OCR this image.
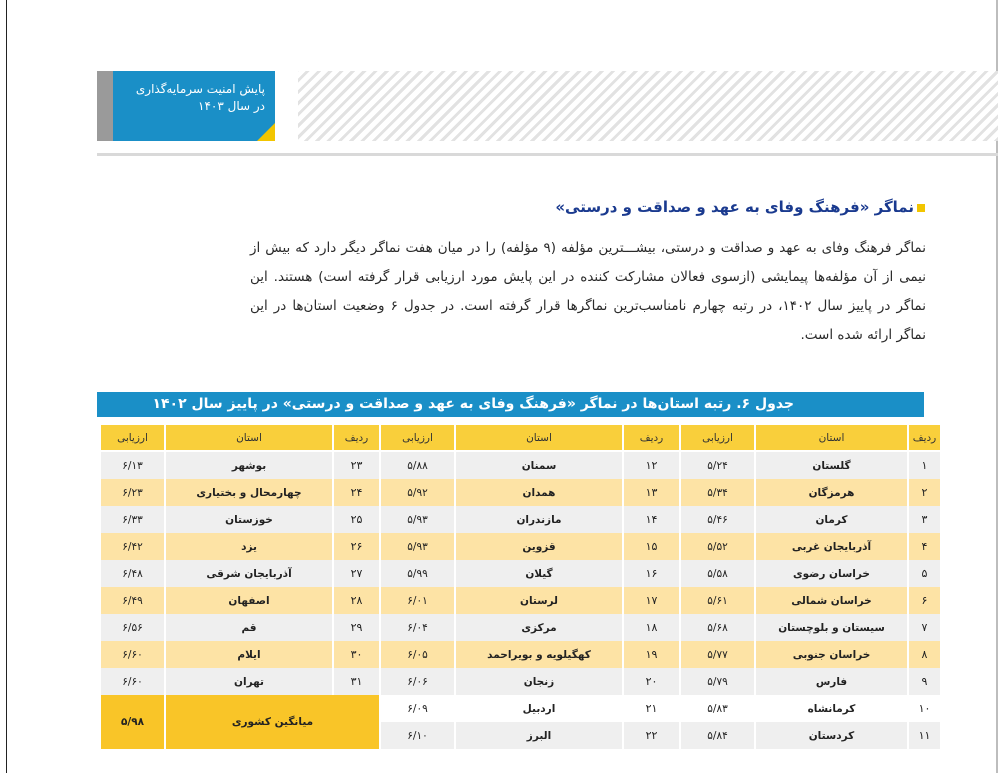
پایش امنیت سرمایه‌گذاری
در سال ۱۴۰۳
نماگر «فرهنگ وفای به عهد و صداقت و درستی»
نماگر فرهنگ وفای به عهد و صداقت و درستی، بیشـــترین مؤلفه (۹ مؤلفه) را در میان هفت نماگر دیگر دارد که بیش از نیمی از آن مؤلفه‌ها پیمایشی (ازسوی فعالان مشارکت کننده در این پایش مورد ارزیابی قرار گرفته است) هستند. این نماگر در پاییز سال ۱۴۰۲، در رتبه چهارم نامناسب‌ترین نماگرها قرار گرفته است. در جدول ۶ وضعیت استان‌ها در این نماگر ارائه شده است.
جدول ۶. رتبه استان‌ها در نماگر «فرهنگ وفای به عهد و صداقت و درستی» در پاییز سال ۱۴۰۲
ردیف	استان	ارزیابی	ردیف	استان	ارزیابی	ردیف	استان	ارزیابی
۱	گلستان	۵/۲۴	۱۲	سمنان	۵/۸۸	۲۳	بوشهر	۶/۱۳
۲	هرمزگان	۵/۳۴	۱۳	همدان	۵/۹۲	۲۴	چهارمحال و بختیاری	۶/۲۳
۳	کرمان	۵/۴۶	۱۴	مازندران	۵/۹۳	۲۵	خوزستان	۶/۳۳
۴	آذربایجان غربی	۵/۵۲	۱۵	قزوین	۵/۹۳	۲۶	یزد	۶/۴۲
۵	خراسان رضوی	۵/۵۸	۱۶	گیلان	۵/۹۹	۲۷	آذربایجان شرقی	۶/۴۸
۶	خراسان شمالی	۵/۶۱	۱۷	لرستان	۶/۰۱	۲۸	اصفهان	۶/۴۹
۷	سیستان و بلوچستان	۵/۶۸	۱۸	مرکزی	۶/۰۴	۲۹	قم	۶/۵۶
۸	خراسان جنوبی	۵/۷۷	۱۹	کهگیلویه و بویراحمد	۶/۰۵	۳۰	ایلام	۶/۶۰
۹	فارس	۵/۷۹	۲۰	زنجان	۶/۰۶	۳۱	تهران	۶/۶۰
۱۰	کرمانشاه	۵/۸۳	۲۱	اردبیل	۶/۰۹	میانگین کشوری		۵/۹۸
۱۱	کردستان	۵/۸۴	۲۲	البرز	۶/۱۰			
